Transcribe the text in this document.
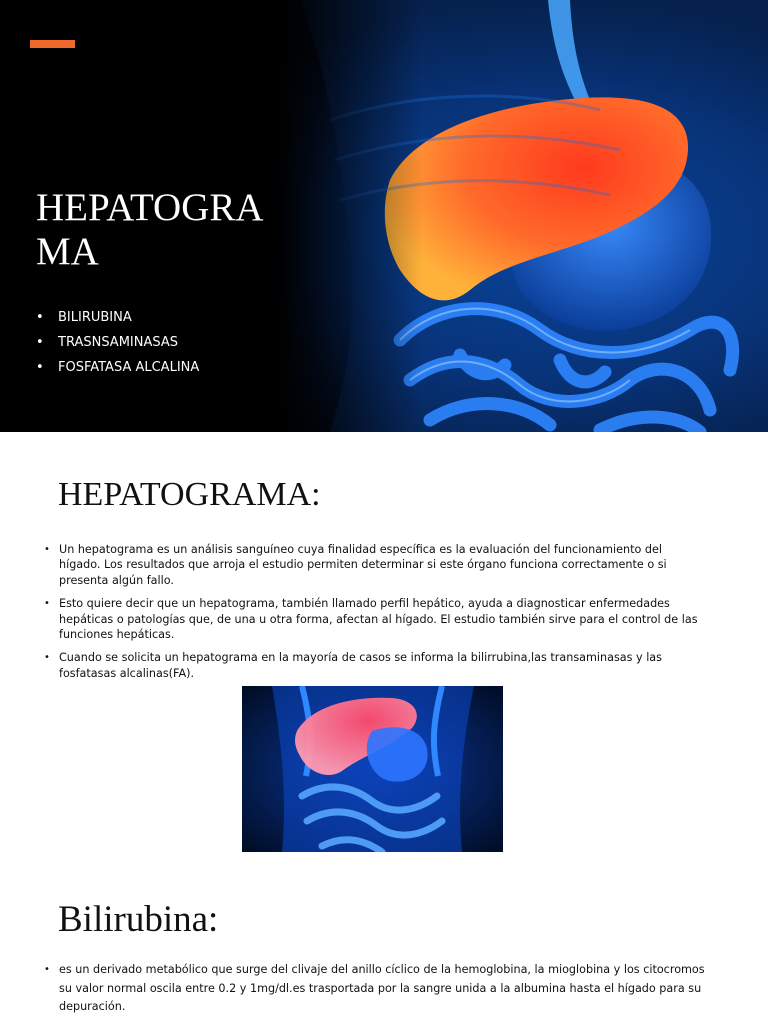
HEPATOGRAMA
• BILIRUBINA
• TRASNSAMINASAS
• FOSFATASA ALCALINA
HEPATOGRAMA:
• Un hepatograma es un análisis sanguíneo cuya finalidad específica es la evaluación del funcionamiento del hígado. Los resultados que arroja el estudio permiten determinar si este órgano funciona correctamente o si presenta algún fallo.
• Esto quiere decir que un hepatograma, también llamado perfil hepático, ayuda a diagnosticar enfermedades hepáticas o patologías que, de una u otra forma, afectan al hígado. El estudio también sirve para el control de las funciones hepáticas.
• Cuando se solicita un hepatograma en la mayoría de casos se informa la bilirrubina,las transaminasas y las fosfatasas alcalinas(FA).
Bilirubina:
• es un derivado metabólico que surge del clivaje del anillo cíclico de la hemoglobina, la mioglobina y los citocromos su valor normal oscila entre 0.2 y 1mg/dl.es trasportada por la sangre unida a la albumina hasta el hígado para su depuración.
